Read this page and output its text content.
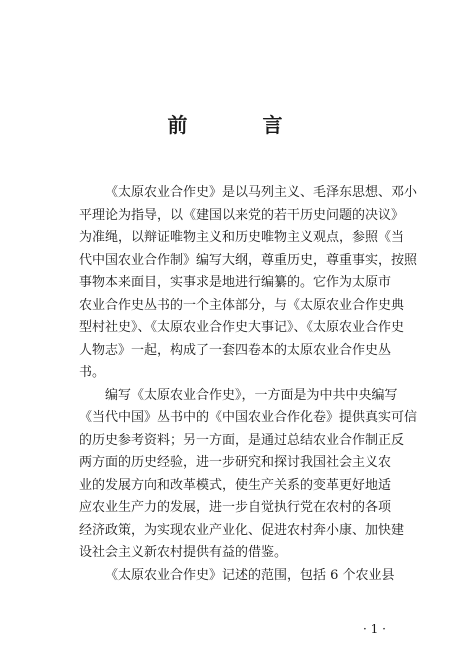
前 言
《太原农业合作史》是以马列主义、毛泽东思想、邓小
平理论为指导，以《建国以来党的若干历史问题的决议》
为准绳，以辩证唯物主义和历史唯物主义观点，参照《当
代中国农业合作制》编写大纲，尊重历史，尊重事实，按照
事物本来面目，实事求是地进行编纂的。它作为太原市
农业合作史丛书的一个主体部分，与《太原农业合作史典
型村社史》、《太原农业合作史大事记》、《太原农业合作史
人物志》一起，构成了一套四卷本的太原农业合作史丛
书。
编写《太原农业合作史》，一方面是为中共中央编写
《当代中国》丛书中的《中国农业合作化卷》提供真实可信
的历史参考资料；另一方面，是通过总结农业合作制正反
两方面的历史经验，进一步研究和探讨我国社会主义农
业的发展方向和改革模式，使生产关系的变革更好地适
应农业生产力的发展，进一步自觉执行党在农村的各项
经济政策，为实现农业产业化、促进农村奔小康、加快建
设社会主义新农村提供有益的借鉴。
《太原农业合作史》记述的范围，包括 6 个农业县
· 1 ·
